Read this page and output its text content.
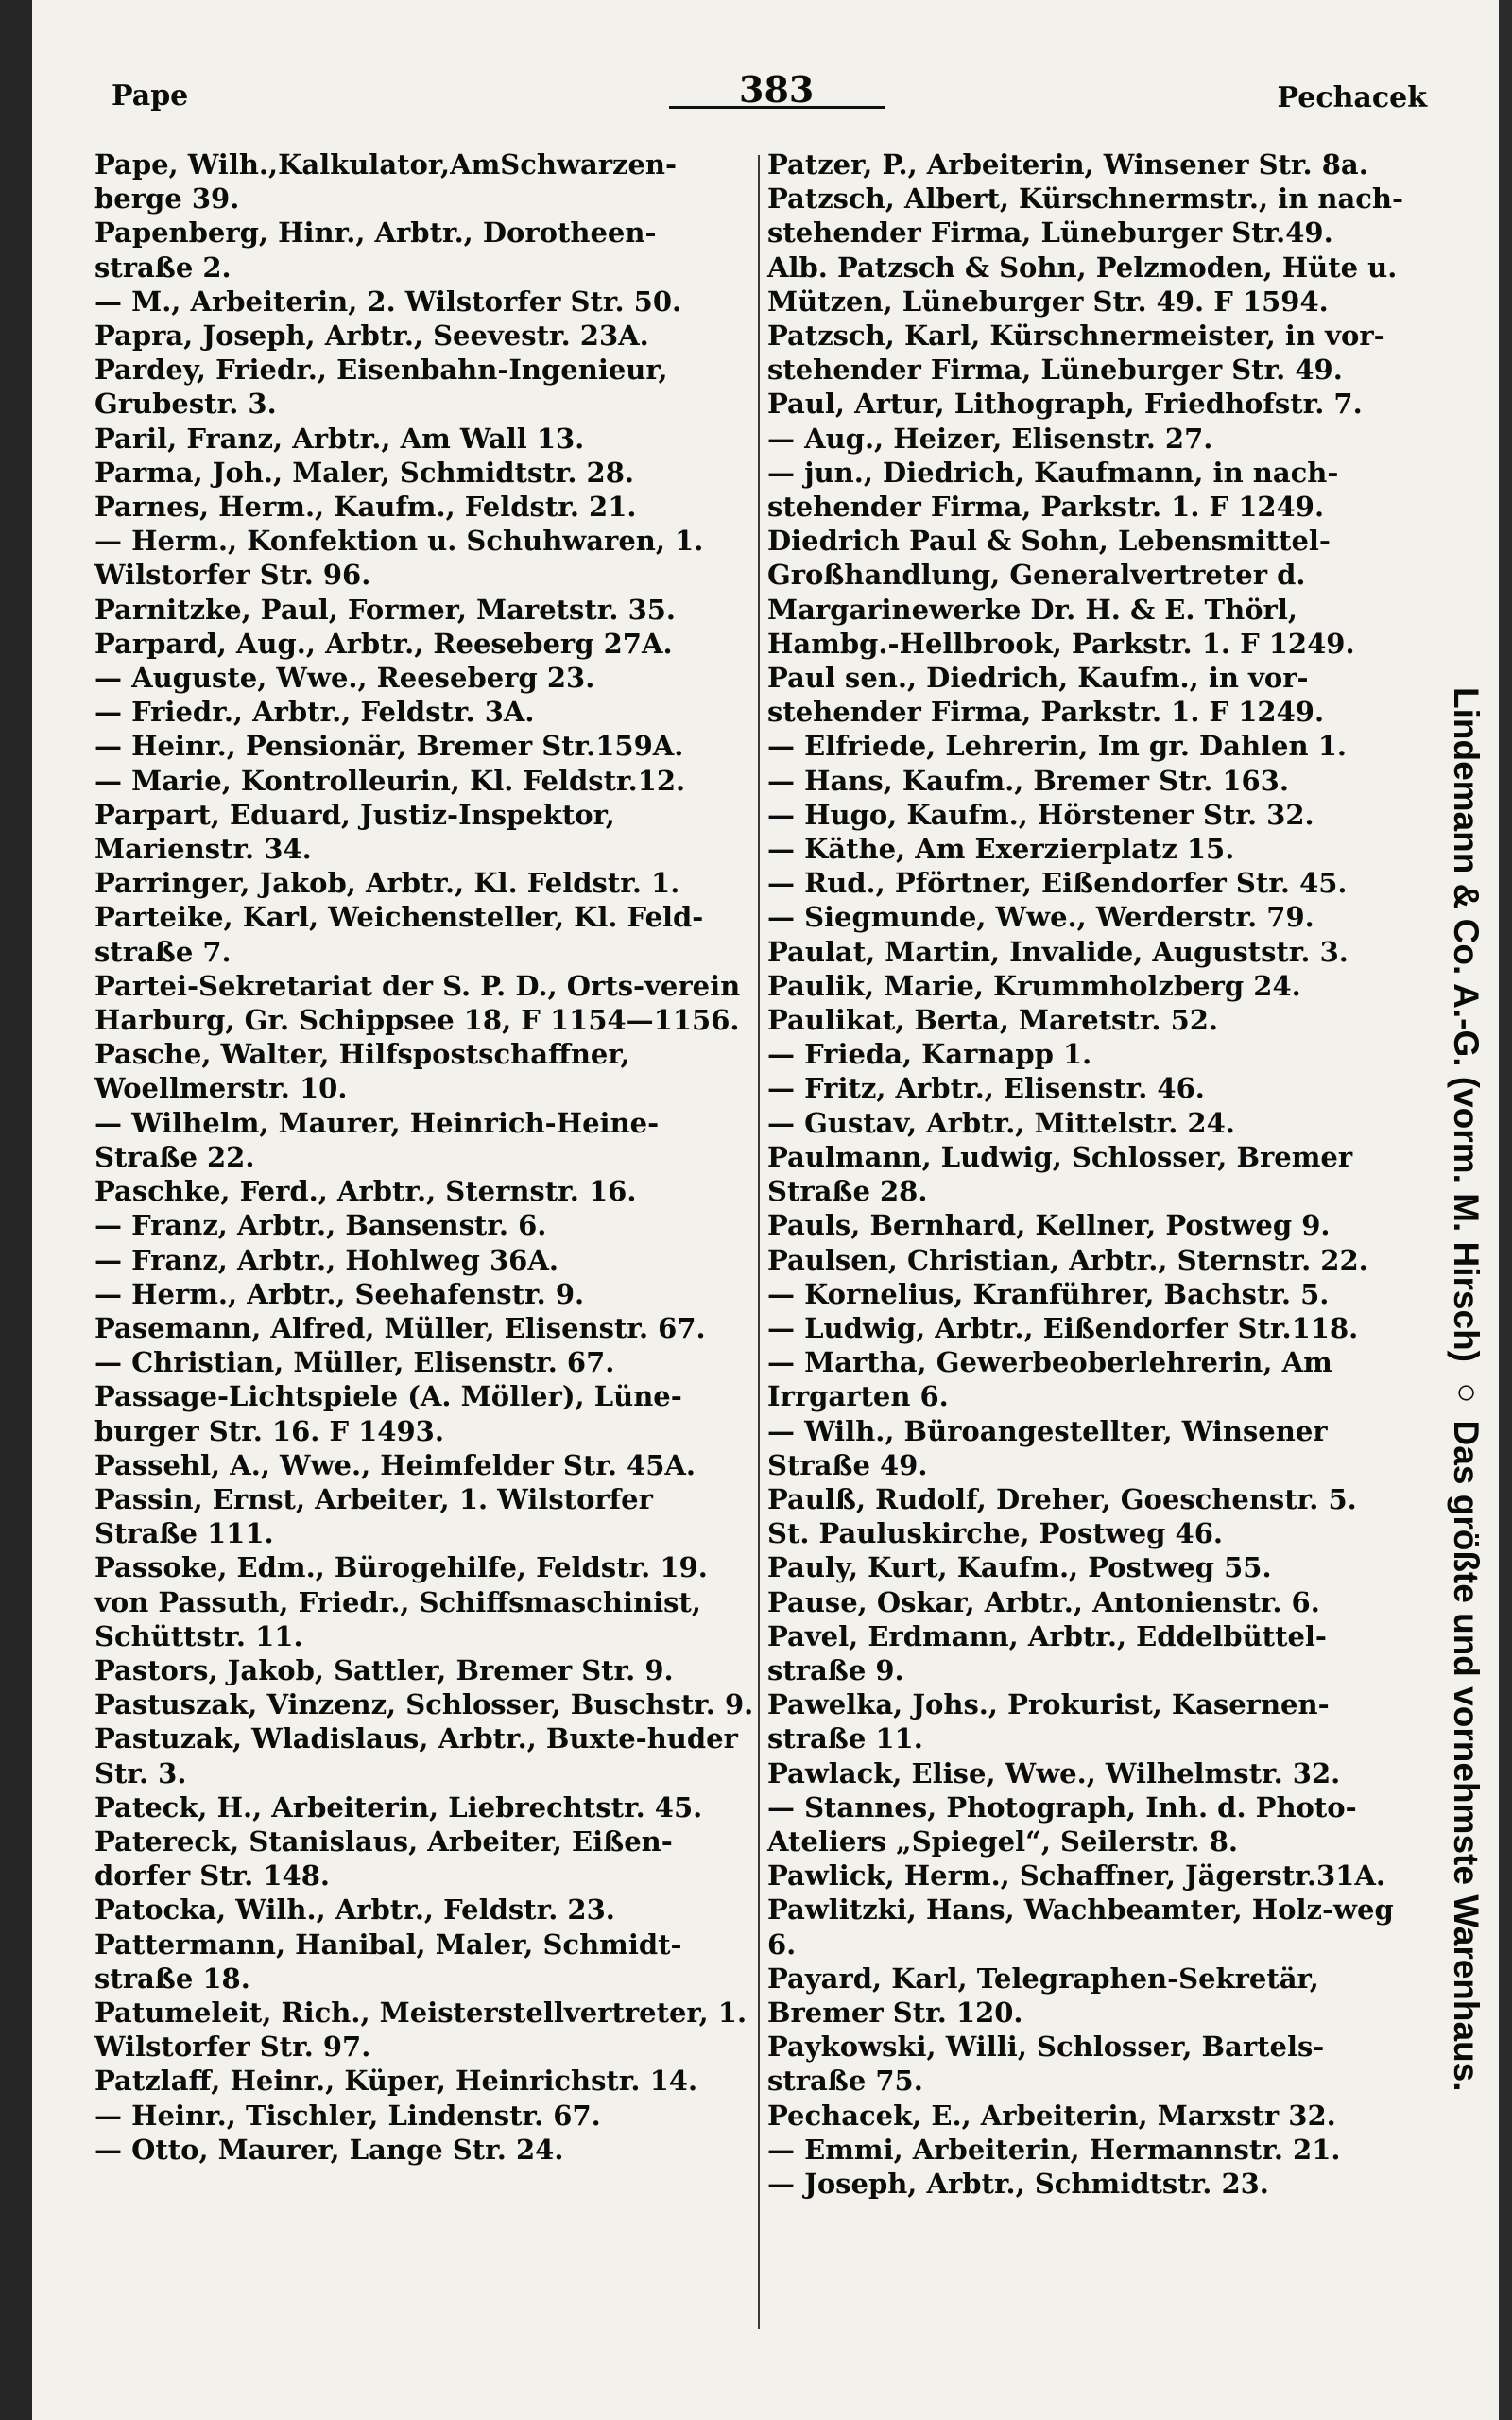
Pape	383	Pechacek

Pape, Wilh.,Kalkulator,AmSchwarzen-berge 39.

Papenberg, Hinr., Arbtr., Dorotheen-straße 2.

— M., Arbeiterin, 2. Wilstorfer Str. 50.

Papra, Joseph, Arbtr., Seevestr. 23A.

Pardey, Friedr., Eisenbahn-Ingenieur, Grubestr. 3.

Paril, Franz, Arbtr., Am Wall 13.

Parma, Joh., Maler, Schmidtstr. 28.

Parnes, Herm., Kaufm., Feldstr. 21.

— Herm., Konfektion u. Schuhwaren, 1. Wilstorfer Str. 96.

Parnitzke, Paul, Former, Maretstr. 35.

Parpard, Aug., Arbtr., Reeseberg 27A.

— Auguste, Wwe., Reeseberg 23.

— Friedr., Arbtr., Feldstr. 3A.

— Heinr., Pensionär, Bremer Str.159A.

— Marie, Kontrolleurin, Kl. Feldstr.12.

Parpart, Eduard, Justiz-Inspektor, Marienstr. 34.

Parringer, Jakob, Arbtr., Kl. Feldstr. 1.

Parteike, Karl, Weichensteller, Kl. Feld-straße 7.

Partei-Sekretariat der S. P. D., Orts-verein Harburg, Gr. Schippsee 18, F 1154—1156.

Pasche, Walter, Hilfspostschaffner, Woellmerstr. 10.

— Wilhelm, Maurer, Heinrich-Heine-Straße 22.

Paschke, Ferd., Arbtr., Sternstr. 16.

— Franz, Arbtr., Bansenstr. 6.

— Franz, Arbtr., Hohlweg 36A.

— Herm., Arbtr., Seehafenstr. 9.

Pasemann, Alfred, Müller, Elisenstr. 67.

— Christian, Müller, Elisenstr. 67.

Passage-Lichtspiele (A. Möller), Lüne-burger Str. 16. F 1493.

Passehl, A., Wwe., Heimfelder Str. 45A.

Passin, Ernst, Arbeiter, 1. Wilstorfer Straße 111.

Passoke, Edm., Bürogehilfe, Feldstr. 19.

von Passuth, Friedr., Schiffsmaschinist, Schüttstr. 11.

Pastors, Jakob, Sattler, Bremer Str. 9.

Pastuszak, Vinzenz, Schlosser, Buschstr. 9.

Pastuzak, Wladislaus, Arbtr., Buxte-huder Str. 3.

Pateck, H., Arbeiterin, Liebrechtstr. 45.

Patereck, Stanislaus, Arbeiter, Eißen-dorfer Str. 148.

Patocka, Wilh., Arbtr., Feldstr. 23.

Pattermann, Hanibal, Maler, Schmidt-straße 18.

Patumeleit, Rich., Meisterstellvertreter, 1. Wilstorfer Str. 97.

Patzlaff, Heinr., Küper, Heinrichstr. 14.

— Heinr., Tischler, Lindenstr. 67.

— Otto, Maurer, Lange Str. 24.

Patzer, P., Arbeiterin, Winsener Str. 8a.

Patzsch, Albert, Kürschnermstr., in nach-stehender Firma, Lüneburger Str.49.

Alb. Patzsch & Sohn, Pelzmoden, Hüte u. Mützen, Lüneburger Str. 49. F 1594.

Patzsch, Karl, Kürschnermeister, in vor-stehender Firma, Lüneburger Str. 49.

Paul, Artur, Lithograph, Friedhofstr. 7.

— Aug., Heizer, Elisenstr. 27.

— jun., Diedrich, Kaufmann, in nach-stehender Firma, Parkstr. 1. F 1249.

Diedrich Paul & Sohn, Lebensmittel-Großhandlung, Generalvertreter d. Margarinewerke Dr. H. & E. Thörl, Hambg.-Hellbrook, Parkstr. 1. F 1249.

Paul sen., Diedrich, Kaufm., in vor-stehender Firma, Parkstr. 1. F 1249.

— Elfriede, Lehrerin, Im gr. Dahlen 1.

— Hans, Kaufm., Bremer Str. 163.

— Hugo, Kaufm., Hörstener Str. 32.

— Käthe, Am Exerzierplatz 15.

— Rud., Pförtner, Eißendorfer Str. 45.

— Siegmunde, Wwe., Werderstr. 79.

Paulat, Martin, Invalide, Auguststr. 3.

Paulik, Marie, Krummholzberg 24.

Paulikat, Berta, Maretstr. 52.

— Frieda, Karnapp 1.

— Fritz, Arbtr., Elisenstr. 46.

— Gustav, Arbtr., Mittelstr. 24.

Paulmann, Ludwig, Schlosser, Bremer Straße 28.

Pauls, Bernhard, Kellner, Postweg 9.

Paulsen, Christian, Arbtr., Sternstr. 22.

— Kornelius, Kranführer, Bachstr. 5.

— Ludwig, Arbtr., Eißendorfer Str.118.

— Martha, Gewerbeoberlehrerin, Am Irrgarten 6.

— Wilh., Büroangestellter, Winsener Straße 49.

Paulß, Rudolf, Dreher, Goeschenstr. 5.

St. Pauluskirche, Postweg 46.

Pauly, Kurt, Kaufm., Postweg 55.

Pause, Oskar, Arbtr., Antonienstr. 6.

Pavel, Erdmann, Arbtr., Eddelbüttel-straße 9.

Pawelka, Johs., Prokurist, Kasernen-straße 11.

Pawlack, Elise, Wwe., Wilhelmstr. 32.

— Stannes, Photograph, Inh. d. Photo-Ateliers „Spiegel“, Seilerstr. 8.

Pawlick, Herm., Schaffner, Jägerstr.31A.

Pawlitzki, Hans, Wachbeamter, Holz-weg 6.

Payard, Karl, Telegraphen-Sekretär, Bremer Str. 120.

Paykowski, Willi, Schlosser, Bartels-straße 75.

Pechacek, E., Arbeiterin, Marxstr 32.

— Emmi, Arbeiterin, Hermannstr. 21.

— Joseph, Arbtr., Schmidtstr. 23.

Lindemann & Co. A.-G. (vorm. M. Hirsch) ○ Das größte und vornehmste Warenhaus.
